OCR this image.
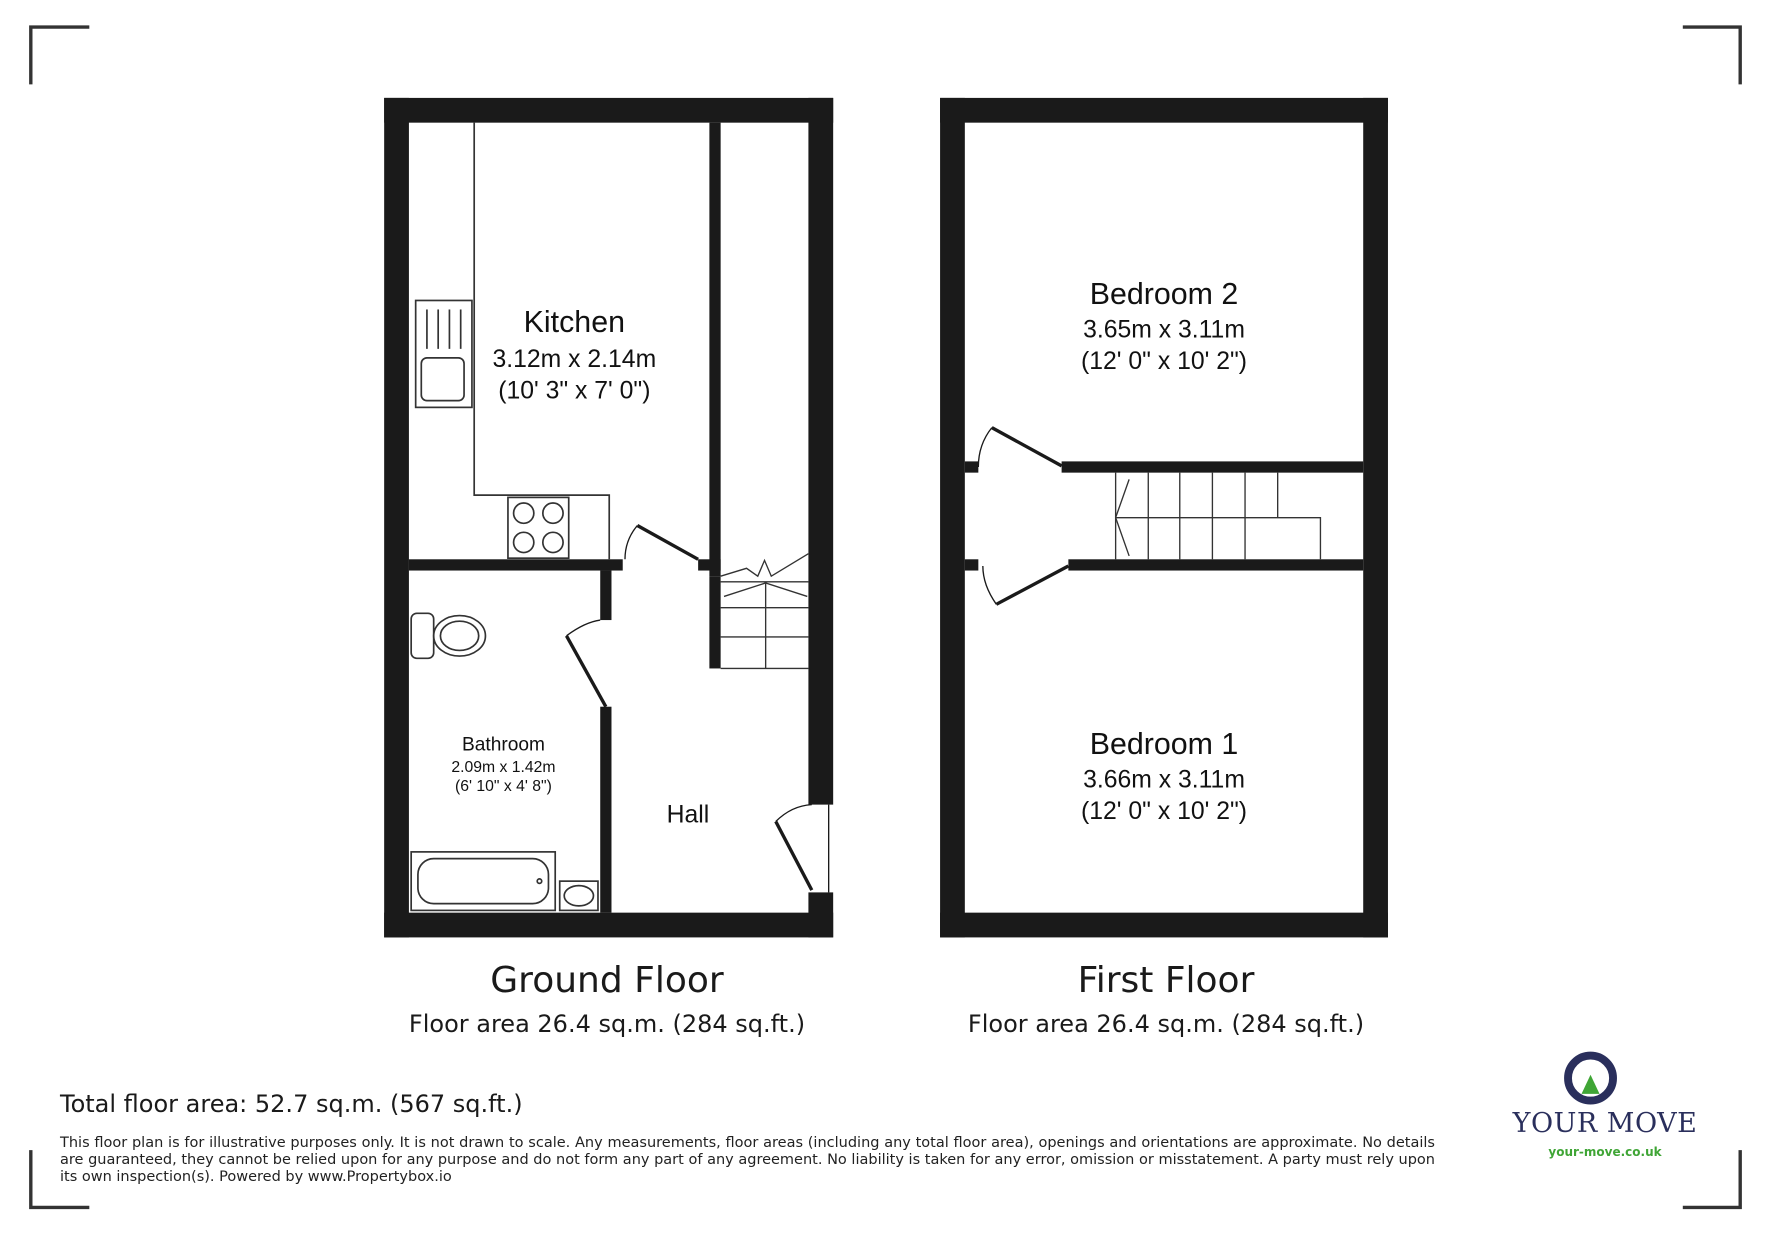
Kitchen
3.12m x 2.14m
(10' 3" x 7' 0")
Bathroom
2.09m x 1.42m
(6' 10" x 4' 8")
Hall
Bedroom 2
3.65m x 3.11m
(12' 0" x 10' 2")
Bedroom 1
3.66m x 3.11m
(12' 0" x 10' 2")
Ground Floor
Floor area 26.4 sq.m. (284 sq.ft.)
First Floor
Floor area 26.4 sq.m. (284 sq.ft.)
Total floor area: 52.7 sq.m. (567 sq.ft.)
This floor plan is for illustrative purposes only. It is not drawn to scale. Any measurements, floor areas (including any total floor area), openings and orientations are approximate. No details are guaranteed, they cannot be relied upon for any purpose and do not form any part of any agreement. No liability is taken for any error, omission or misstatement. A party must rely upon its own inspection(s). Powered by www.Propertybox.io
YOUR MOVE
your-move.co.uk
